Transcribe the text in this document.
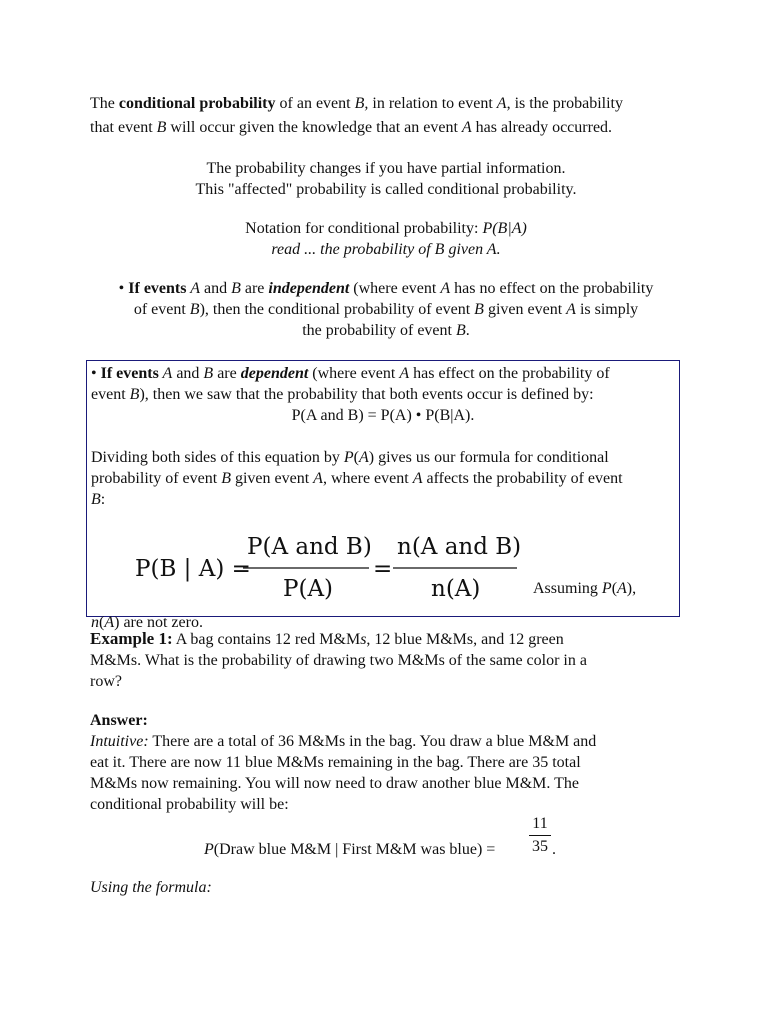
The conditional probability of an event B, in relation to event A, is the probability
that event B will occur given the knowledge that an event A has already occurred.

The probability changes if you have partial information.

This "affected" probability is called conditional probability.

Notation for conditional probability: P(B|A)

read ... the probability of B given A.

• If events A and B are independent (where event A has no effect on the probability
of event B), then the conditional probability of event B given event A is simply
the probability of event B.

• If events A and B are dependent (where event A has effect on the probability of
event B), then we saw that the probability that both events occur is defined by:

P(A and B) = P(A) • P(B|A).

Dividing both sides of this equation by P(A) gives us our formula for conditional
probability of event B given event A, where event A affects the probability of event
B:

P(B | A) =
P(A and B)
P(A)
=
n(A and B)
n(A)	Assuming P(A),

n(A) are not zero.

Example 1: A bag contains 12 red M&Ms, 12 blue M&Ms, and 12 green
M&Ms. What is the probability of drawing two M&Ms of the same color in a
row?

Answer:

Intuitive: There are a total of 36 M&Ms in the bag. You draw a blue M&M and
eat it. There are now 11 blue M&Ms remaining in the bag. There are 35 total
M&Ms now remaining. You will now need to draw another blue M&M. The
conditional probability will be:

P(Draw blue M&M | First M&M was blue) =
11
35 .

Using the formula:
